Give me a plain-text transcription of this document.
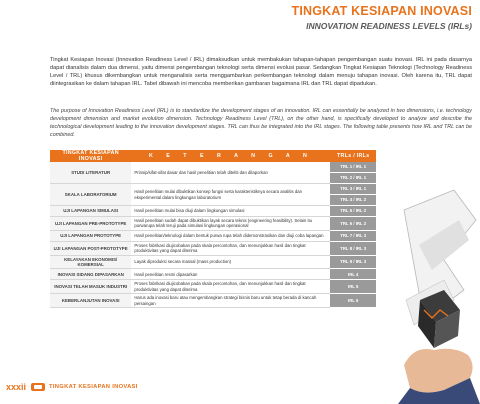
TINGKAT KESIAPAN INOVASI
INNOVATION READINESS LEVELS (IRLs)
Tingkat Kesiapan Inovasi (Innovation Readiness Level / IRL) dimaksudkan untuk membakukan tahapan-tahapan pengembangan suatu inovasi. IRL ini pada dasarnya dapat dianalisis dalam dua dimensi, yaitu dimensi pengembangan teknologi serta dimensi evolusi pasar. Sedangkan Tingkat Kesiapan Teknologi (Technology Readiness Level / TRL) khusus dikembangkan untuk menganalisis serta menggambarkan perkembangan teknologi dalam menuju tahapan inovasi. Oleh karena itu, TRL dapat diintegrasikan ke dalam tahapan IRL. Tabel dibawah ini mencoba memberikan gambaran bagaimana IRL dan TRL dapat dipadukan.
The purpose of Innovation Readiness Level (IRL) is to standardize the development stages of an innovation. IRL can essentially be analyzed in two dimensions, i.e. technology development dimension and market evolution dimension. Technology Readiness Level (TRL), on the other hand, is specifically developed to analyze and describe the technological development leading to the innovation development stages. TRL can thus be integrated into the IRL stages. The following table presents how IRL and TRL can be combined.
TINGKAT KESIAPAN INOVASI	K E T E R A N G A N	TRLs / IRLs
STUDI LITERATUR	Prinsip/sifat-sifat dasar dan hasil penelitian telah diteliti dan dilaporkan	TRL 1 / IRL 1
		TRL 2 / IRL 1
SKALA LABORATORIUM	Hasil penelitian mulai dibuktikan konsep fungsi serta karakteristiknya secara analitis dan eksperimental dalam lingkungan laboratorium	TRL 3 / IRL 1
		TRL 4 / IRL 2
UJI LAPANGAN SIMULASI	Hasil penelitian mulai bisa diuji dalam lingkungan simulasi	TRL 5 / IRL 2
UJI LAPANGAN PRE-PROTOTYPE	Hasil penelitian sudah dapat dibuktikan layak secara teknis (engineering feasibility). Selain itu purwarupa telah teruji pada simulasi lingkungan operasional	TRL 6 / IRL 2
UJI LAPANGAN PROTOTYPE	Hasil penelitian/teknologi dalam bentuk purwa rupa telah didemonstrasikan dan diuji coba lapangan	TRL 7 / IRL 3
UJI LAPANGAN POST-PROTOTYPE	Proses fabrikasi diujicobakan pada skala percontohan, dan menunjukkan hasil dan tingkat produktivitas yang dapat diterima	TRL 8 / IRL 3
KELAYAKAN EKONOMIS/ KOMERSIAL	Layak diproduksi secara massal (mass production)	TRL 9 / IRL 3
INOVASI SIDANG DIPASARKAN	Hasil penelitian resmi dipasarkan	IRL 4
INOVASI TELAH MASUK INDUSTRI	Proses fabrikasi diujicobakan pada skala percontohan, dan menunjukkan hasil dan tingkat produktivitas yang dapat diterima	IRL 5
KEBERLANJUTAN INOVASI	Harus ada inovasi baru atau mengembangkan strategi bisnis baru untuk tetap berada di kancah persaingan	IRL 6
xxxii	TINGKAT KESIAPAN INOVASI
